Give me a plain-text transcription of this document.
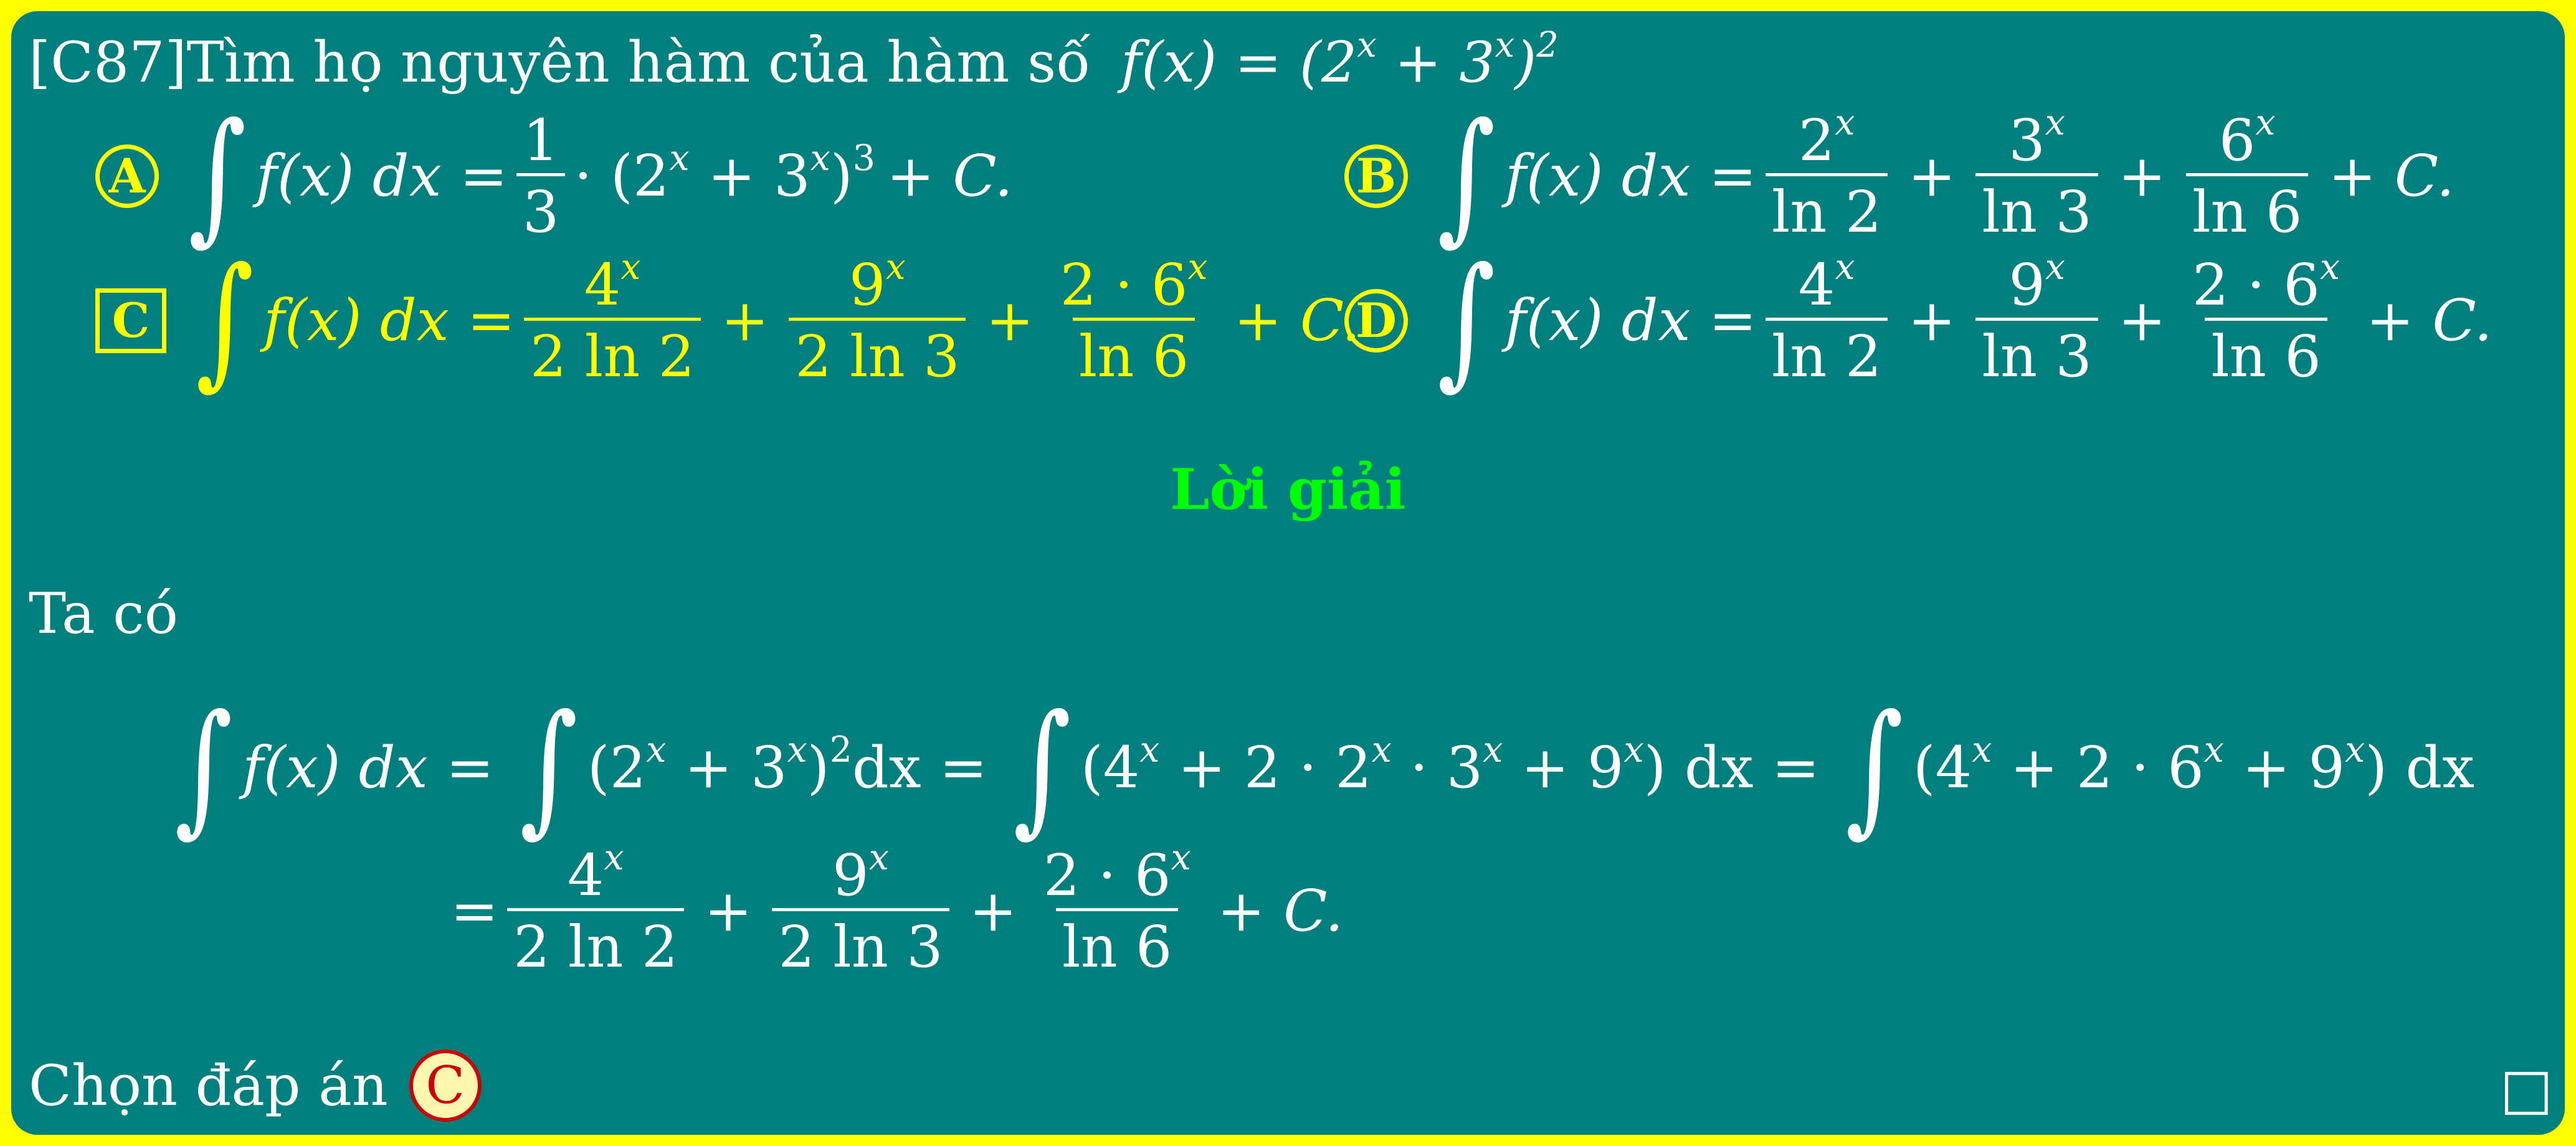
[C87]Tìm họ nguyên hàm của hàm số $f(x) = (2^x + 3^x)^2$
A ∫ f(x) dx = $\frac{1}{3} \cdot (2^x + 3^x)^3 + C$.	B ∫ f(x) dx = $\frac{2^x}{\ln 2} + \frac{3^x}{\ln 3} + \frac{6^x}{\ln 6} + C$.
C ∫ f(x) dx = $\frac{4^x}{2 \ln 2} + \frac{9^x}{2 \ln 3} + \frac{2 \cdot 6^x}{\ln 6} + C$.
D ∫ f(x) dx = $\frac{4^x}{\ln 2} + \frac{9^x}{\ln 3} + \frac{2 \cdot 6^x}{\ln 6} + C$.
Lời giải
Ta có
∫ f(x) dx = ∫ $(2^x + 3^x)^2$ dx = ∫ $(4^x + 2 \cdot 2^x \cdot 3^x + 9^x)$ dx = ∫ $(4^x + 2 \cdot 6^x + 9^x)$ dx
= $\frac{4^x}{2 \ln 2} + \frac{9^x}{2 \ln 3} + \frac{2 \cdot 6^x}{\ln 6} + C$.
Chọn đáp án C	□
